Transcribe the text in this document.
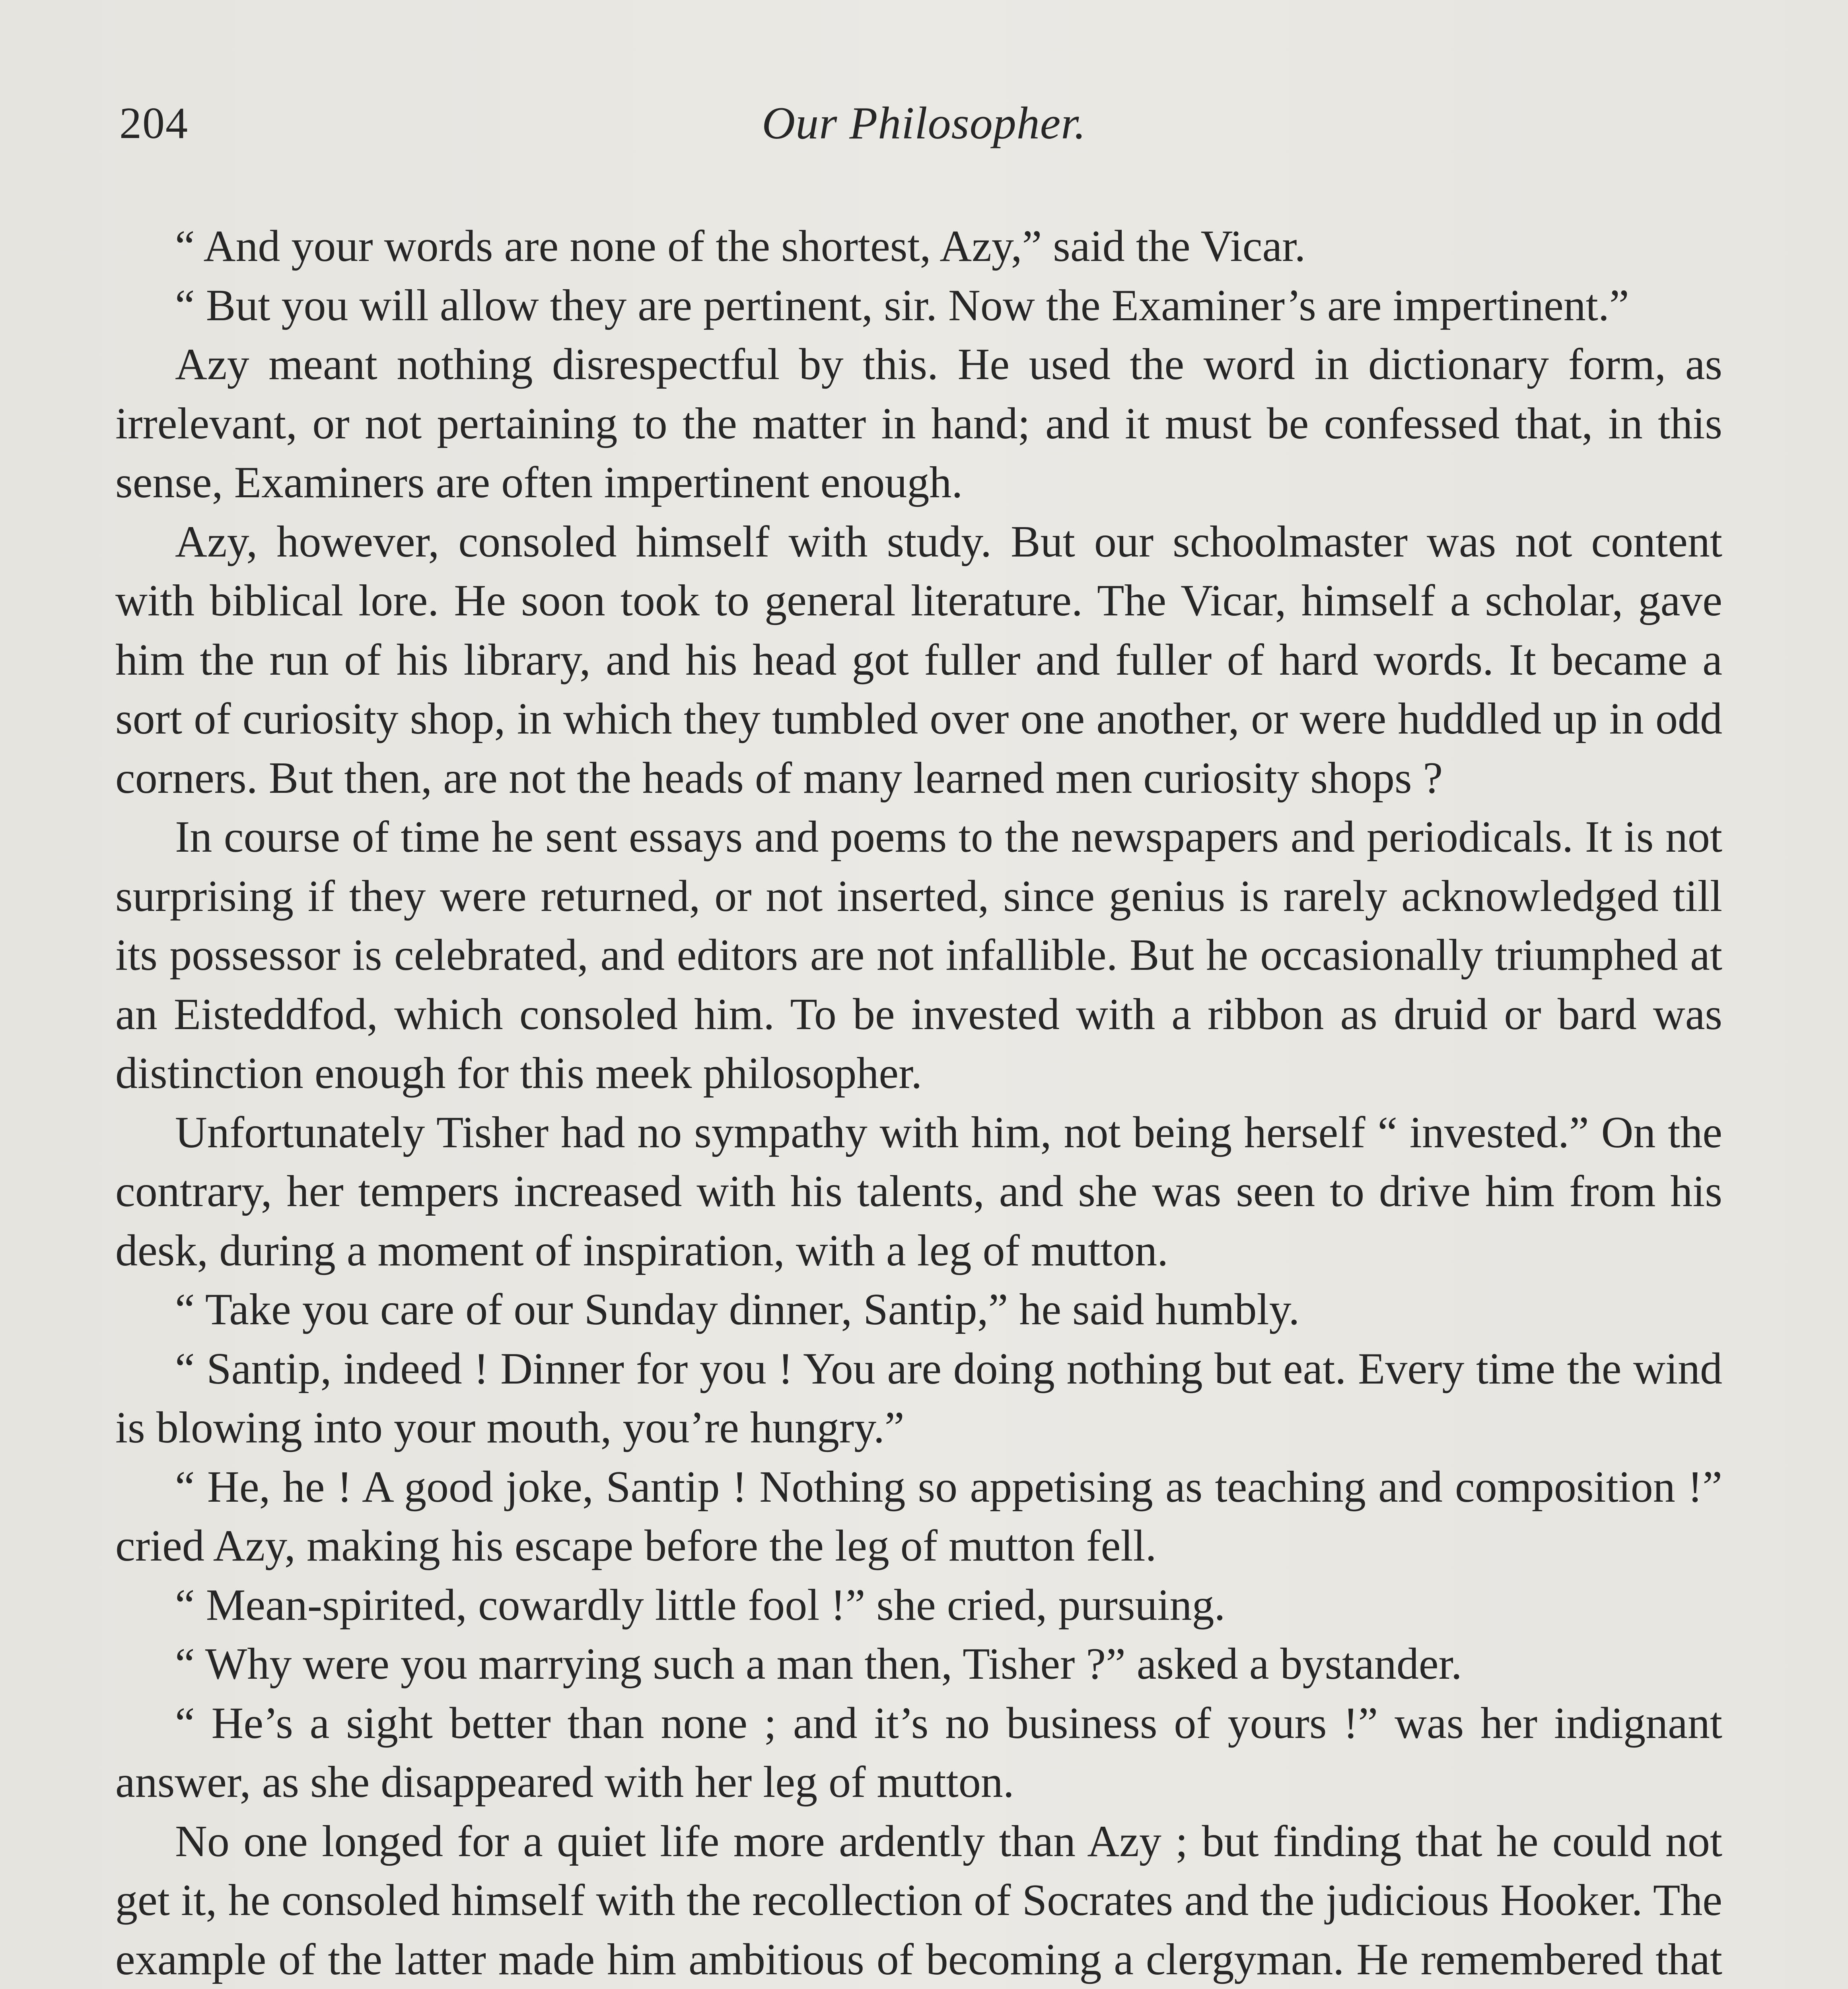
204	Our Philosopher.

“ And your words are none of the shortest, Azy,” said the Vicar.

“ But you will allow they are pertinent, sir. Now the Examiner’s are impertinent.”

Azy meant nothing disrespectful by this. He used the word in dictionary form, as irrelevant, or not pertaining to the matter in hand; and it must be confessed that, in this sense, Examiners are often impertinent enough.

Azy, however, consoled himself with study. But our schoolmaster was not content with biblical lore. He soon took to general literature. The Vicar, himself a scholar, gave him the run of his library, and his head got fuller and fuller of hard words. It became a sort of curiosity shop, in which they tumbled over one another, or were huddled up in odd corners. But then, are not the heads of many learned men curiosity shops ?

In course of time he sent essays and poems to the newspapers and periodicals. It is not surprising if they were returned, or not inserted, since genius is rarely acknowledged till its possessor is celebrated, and editors are not infallible. But he occasionally triumphed at an Eisteddfod, which consoled him. To be invested with a ribbon as druid or bard was distinction enough for this meek philosopher.

Unfortunately Tisher had no sympathy with him, not being herself “ invested.” On the contrary, her tempers increased with his talents, and she was seen to drive him from his desk, during a moment of inspiration, with a leg of mutton.

“ Take you care of our Sunday dinner, Santip,” he said humbly.

“ Santip, indeed ! Dinner for you ! You are doing nothing but eat. Every time the wind is blowing into your mouth, you’re hungry.”

“ He, he ! A good joke, Santip ! Nothing so appetising as teaching and composition !” cried Azy, making his escape before the leg of mutton fell.

“ Mean-spirited, cowardly little fool !” she cried, pursuing.

“ Why were you marrying such a man then, Tisher ?” asked a bystander.

“ He’s a sight better than none ; and it’s no business of yours !” was her indignant answer, as she disappeared with her leg of mutton.

No one longed for a quiet life more ardently than Azy ; but finding that he could not get it, he consoled himself with the recollection of Socrates and the judicious Hooker. The example of the latter made him ambitious of becoming a clergyman. He remembered that
